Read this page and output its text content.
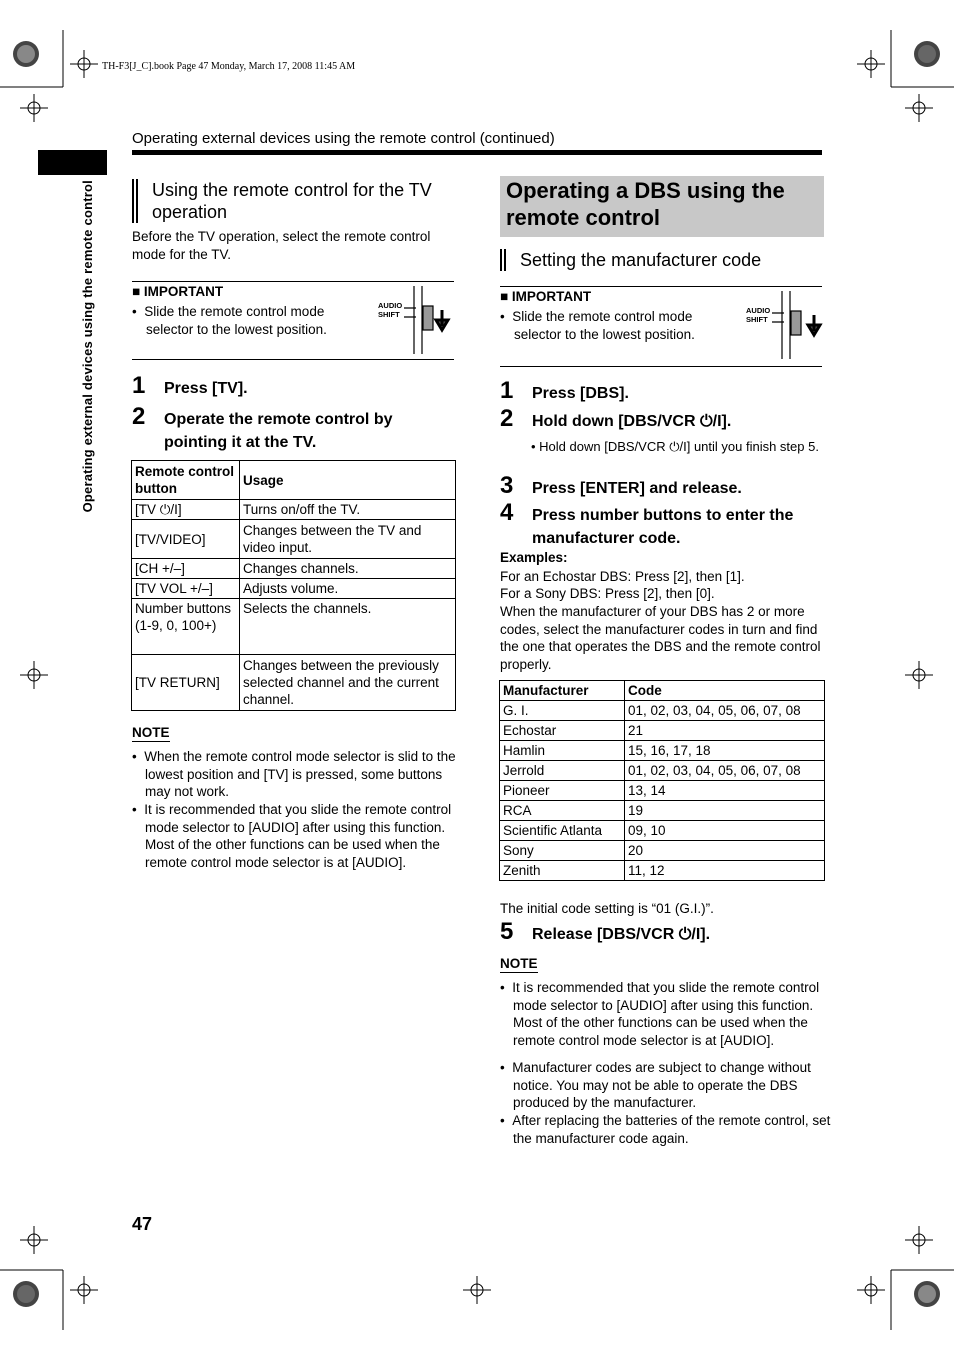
TH-F3[J_C].book Page 47 Monday, March 17, 2008 11:45 AM
Operating external devices using the remote control (continued)
Operating external devices using the remote control	Using the remote control for the TV operation
Before the TV operation, select the remote control mode for the TV.
■ IMPORTANT
•  Slide the remote control mode selector to the lowest position.
AUDIO
SHIFT
1 Press [TV].
2 Operate the remote control by pointing it at the TV.
Remote control button	Usage
[TV ⏻/I]	Turns on/off the TV.
[TV/VIDEO]	Changes between the TV and video input.
[CH +/–]	Changes channels.
[TV VOL +/–]	Adjusts volume.
Number buttons (1-9, 0, 100+)	Selects the channels.
[TV RETURN]	Changes between the previously selected channel and the current channel.
NOTE
•  When the remote control mode selector is slid to the lowest position and [TV] is pressed, some buttons may not work.
•  It is recommended that you slide the remote control mode selector to [AUDIO] after using this function. Most of the other functions can be used when the remote control mode selector is at [AUDIO].
Operating a DBS using the remote control
Setting the manufacturer code
■ IMPORTANT
•  Slide the remote control mode selector to the lowest position.
AUDIO
SHIFT
1 Press [DBS].
2 Hold down [DBS/VCR ⏻/I].
• Hold down [DBS/VCR ⏻/I] until you finish step 5.
3 Press [ENTER] and release.
4 Press number buttons to enter the manufacturer code.
Examples:
For an Echostar DBS: Press [2], then [1].
For a Sony DBS: Press [2], then [0].
When the manufacturer of your DBS has 2 or more codes, select the manufacturer codes in turn and find the one that operates the DBS and the remote control properly.
Manufacturer	Code
G. I.	01, 02, 03, 04, 05, 06, 07, 08
Echostar	21
Hamlin	15, 16, 17, 18
Jerrold	01, 02, 03, 04, 05, 06, 07, 08
Pioneer	13, 14
RCA	19
Scientific Atlanta	09, 10
Sony	20
Zenith	11, 12
The initial code setting is “01 (G.I.)”.
5 Release [DBS/VCR ⏻/I].
NOTE
•  It is recommended that you slide the remote control mode selector to [AUDIO] after using this function. Most of the other functions can be used when the remote control mode selector is at [AUDIO].
•  Manufacturer codes are subject to change without notice. You may not be able to operate the DBS produced by the manufacturer.
•  After replacing the batteries of the remote control, set the manufacturer code again.
47
